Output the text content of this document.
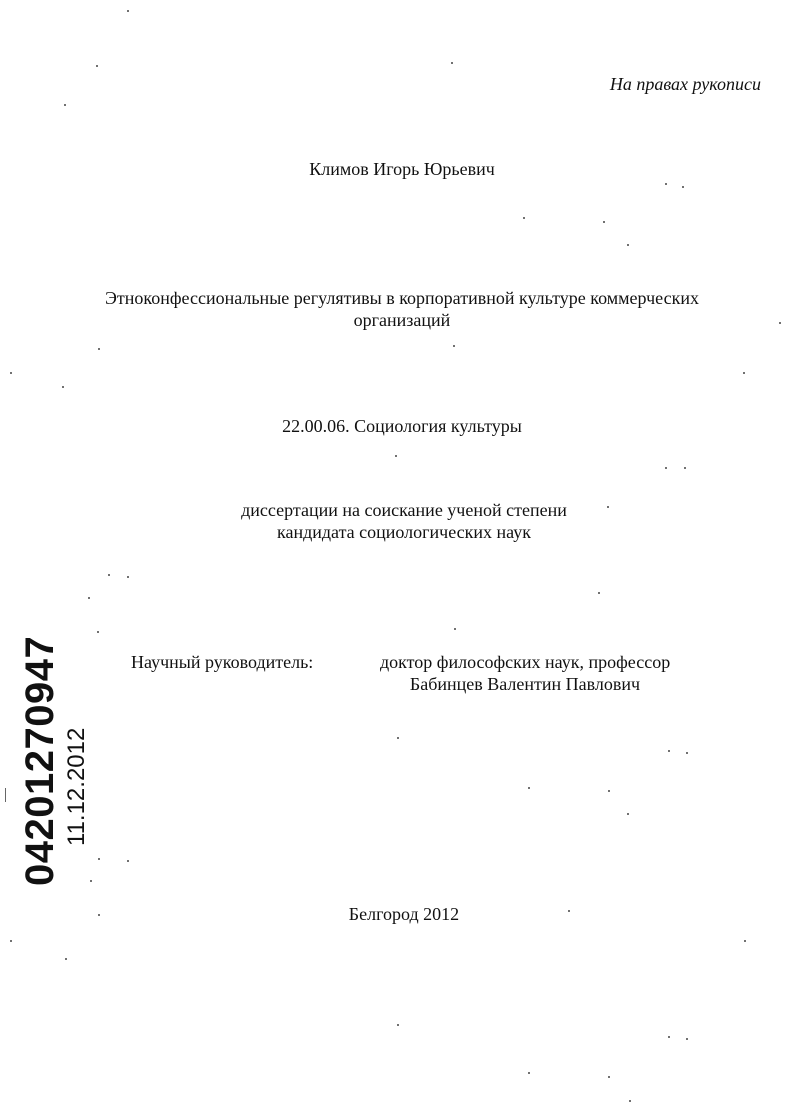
На правах рукописи
Климов Игорь Юрьевич
Этноконфессиональные регулятивы в корпоративной культуре коммерческих
организаций
22.00.06. Социология культуры
диссертации на соискание ученой степени
кандидата социологических наук
Научный руководитель:	доктор философских наук, профессор
Бабинцев Валентин Павлович
Белгород 2012
04201270947 11.12.2012
